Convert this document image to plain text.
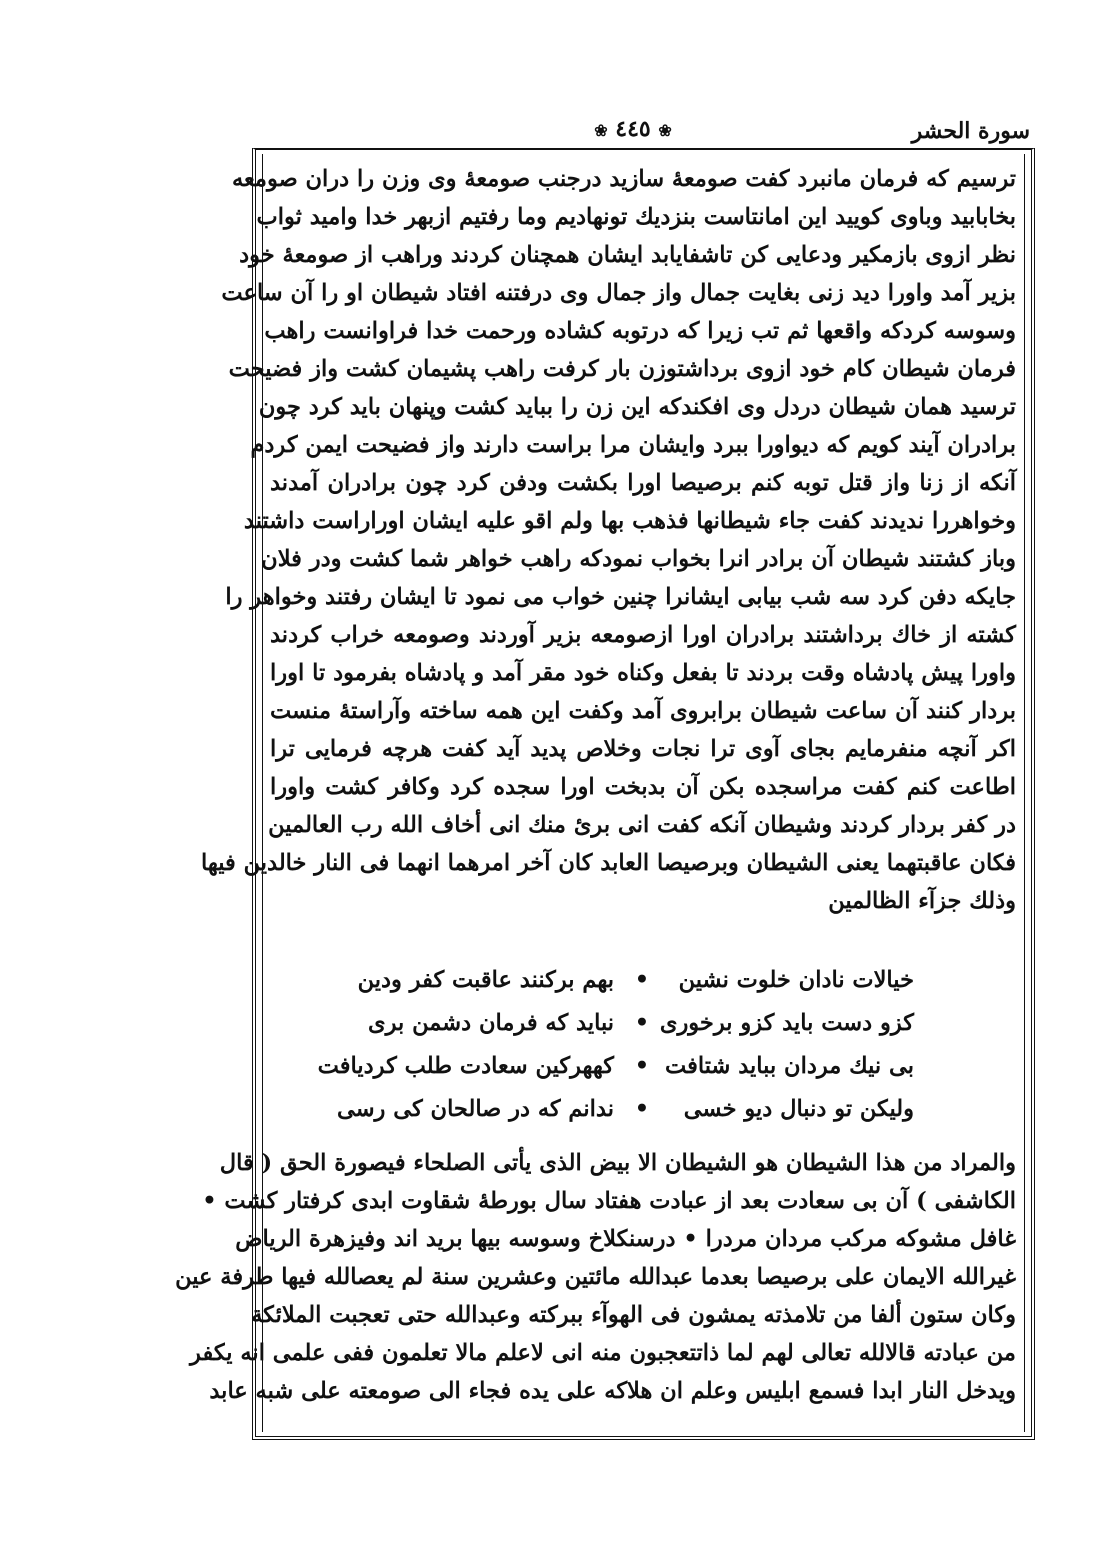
سورة الحشر
❀ ٤٤٥ ❀
ترسیم که فرمان مانبرد کفت صومعهٔ سازید درجنب صومعهٔ وی وزن را دران صومعه
بخابابید وباوی کویید این امانتاست بنزدیك تونهادیم وما رفتیم ازبهر خدا وامید ثواب
نظر ازوی بازمکیر ودعایی کن تاشفایابد ایشان همچنان کردند وراهب از صومعهٔ خود
بزیر آمد واورا دید زنی بغایت جمال واز جمال وی درفتنه افتاد شیطان او را آن ساعت
وسوسه کردکه واقعها ثم تب زیرا که درتوبه کشاده ورحمت خدا فراوانست راهب
فرمان شیطان کام خود ازوی برداشتوزن بار کرفت راهب پشیمان کشت واز فضیحت
ترسید همان شیطان دردل وی افکندکه این زن را بباید کشت وپنهان باید کرد چون
برادران آیند کویم که دیواورا ببرد وایشان مرا براست دارند واز فضیحت ایمن کردم
آنکه از زنا واز قتل توبه کنم برصیصا اورا بکشت ودفن کرد چون برادران آمدند
وخواهررا ندیدند کفت جاء شیطانها فذهب بها ولم اقو علیه ایشان اوراراست داشتند
وباز کشتند شیطان آن برادر انرا بخواب نمودکه راهب خواهر شما کشت ودر فلان
جایکه دفن کرد سه شب بیابی ایشانرا چنین خواب می نمود تا ایشان رفتند وخواهر را
کشته از خاك برداشتند برادران اورا ازصومعه بزیر آوردند وصومعه خراب کردند
واورا پیش پادشاه وقت بردند تا بفعل وکناه خود مقر آمد و پادشاه بفرمود تا اورا
بردار کنند آن ساعت شیطان برابروی آمد وکفت این همه ساخته وآراستهٔ منست
اکر آنچه منفرمایم بجای آوی ترا نجات وخلاص پدید آید کفت هرچه فرمایی ترا
اطاعت کنم کفت مراسجده بکن آن بدبخت اورا سجده کرد وکافر کشت واورا
در کفر بردار کردند وشیطان آنکه کفت انی بریٔ منك انی أخاف الله رب العالمین
فکان عاقبتهما یعنی الشیطان وبرصیصا العابد کان آخر امرهما انهما فی النار خالدین فیها
وذلك جزآء الظالمین
خیالات نادان خلوت نشین
•
بهم برکنند عاقبت کفر ودین
کزو دست باید کزو برخوری
•
نباید که فرمان دشمن بری
بی نیك مردان بباید شتافت
•
کههرکین سعادت طلب کردیافت
ولیکن تو دنبال دیو خسی
•
ندانم که در صالحان کی رسی
والمراد من هذا الشیطان هو الشیطان الا بیض الذی یأتی الصلحاء فیصورة الحق ( قال
الکاشفی ) آن بی سعادت بعد از عبادت هفتاد سال بورطهٔ شقاوت ابدی کرفتار کشت •
غافل مشوکه مرکب مردان مردرا • درسنکلاخ وسوسه بیها برید اند وفیزهرة الریاض
غیرالله الایمان علی برصیصا بعدما عبدالله مائتین وعشرین سنة لم یعصالله فیها طرفة عین
وکان ستون ألفا من تلامذته یمشون فی الهوآء ببرکته وعبدالله حتی تعجبت الملائکة
من عبادته قالالله تعالی لهم لما ذاتتعجبون منه انی لاعلم مالا تعلمون ففی علمی انه یکفر
ویدخل النار ابدا فسمع ابلیس وعلم ان هلاکه علی یده فجاء الی صومعته علی شبه عابد
